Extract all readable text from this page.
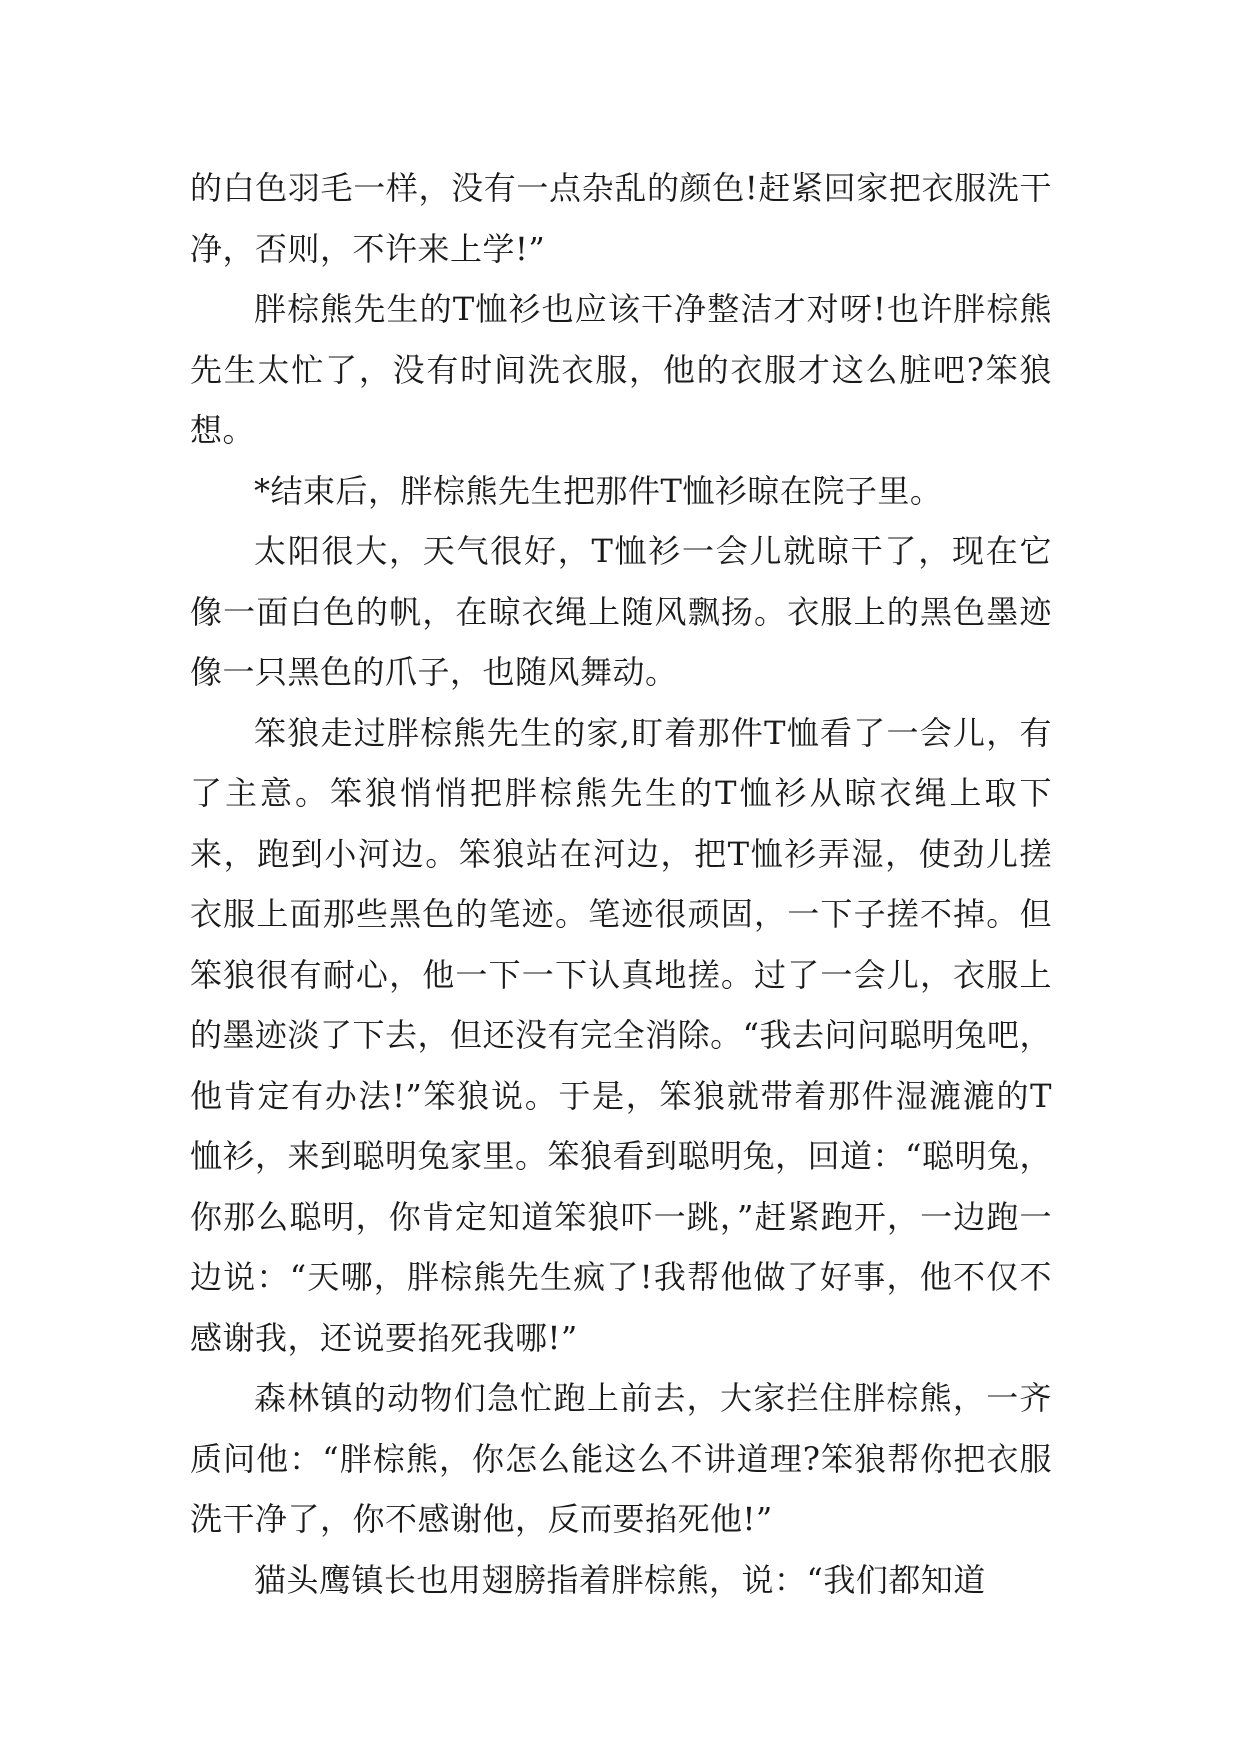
的白色羽毛一样，没有一点杂乱的颜色!赶紧回家把衣服洗干净，否则，不许来上学!”

胖棕熊先生的T恤衫也应该干净整洁才对呀!也许胖棕熊先生太忙了，没有时间洗衣服，他的衣服才这么脏吧?笨狼想。

*结束后，胖棕熊先生把那件T恤衫晾在院子里。

太阳很大，天气很好，T恤衫一会儿就晾干了，现在它像一面白色的帆，在晾衣绳上随风飘扬。衣服上的黑色墨迹像一只黑色的爪子，也随风舞动。

笨狼走过胖棕熊先生的家,盯着那件T恤看了一会儿，有了主意。笨狼悄悄把胖棕熊先生的T恤衫从晾衣绳上取下来，跑到小河边。笨狼站在河边，把T恤衫弄湿，使劲儿搓衣服上面那些黑色的笔迹。笔迹很顽固，一下子搓不掉。但笨狼很有耐心，他一下一下认真地搓。过了一会儿，衣服上的墨迹淡了下去，但还没有完全消除。“我去问问聪明兔吧，他肯定有办法!”笨狼说。于是，笨狼就带着那件湿漉漉的T恤衫，来到聪明兔家里。笨狼看到聪明兔，回道：“聪明兔，你那么聪明，你肯定知道笨狼吓一跳，”赶紧跑开，一边跑一边说：“天哪，胖棕熊先生疯了!我帮他做了好事，他不仅不感谢我，还说要掐死我哪!”

森林镇的动物们急忙跑上前去，大家拦住胖棕熊，一齐质问他：“胖棕熊，你怎么能这么不讲道理?笨狼帮你把衣服洗干净了，你不感谢他，反而要掐死他!”

猫头鹰镇长也用翅膀指着胖棕熊，说：“我们都知道
